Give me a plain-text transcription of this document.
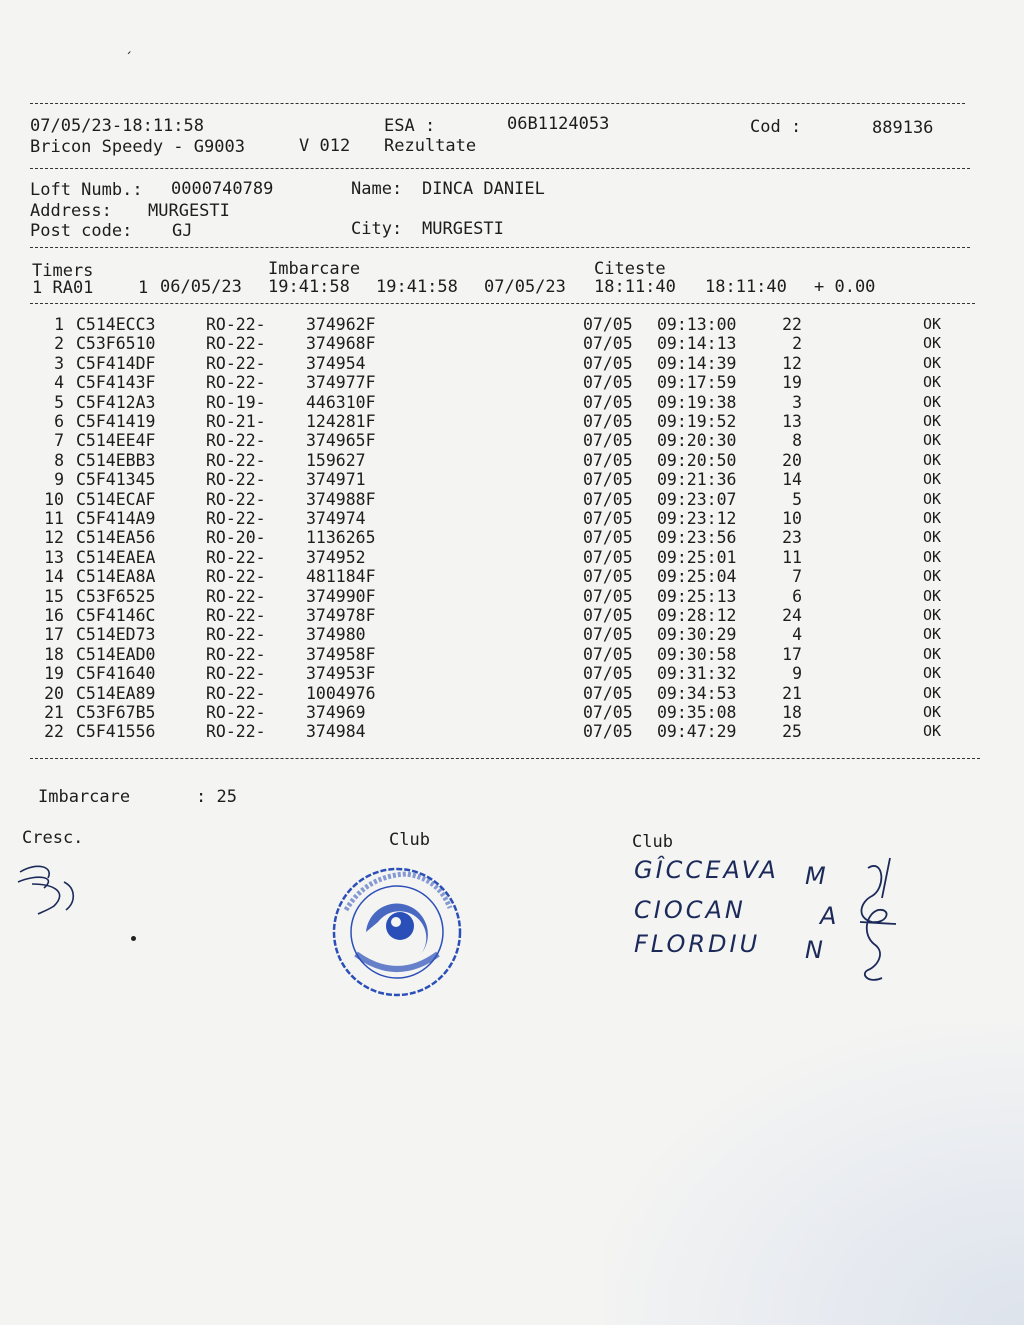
ˏ
07/05/23-18:11:58	ESA :	06B1124053	Cod :	889136
Bricon Speedy - G9003	V 012 Rezultate
Loft Numb.: 0000740789	Name: DINCA DANIEL
Address: MURGESTI
Post code: GJ	City: MURGESTI
Timers	Imbarcare	Citeste
1 RA01	1 06/05/23 19:41:58 19:41:58 07/05/23 18:11:40 18:11:40 + 0.00
1 C514ECC3	RO-22- 374962F	07/05 09:13:00	22	OK
2 C53F6510	RO-22- 374968F	07/05 09:14:13	2	OK
3 C5F414DF	RO-22- 374954	07/05 09:14:39	12	OK
4 C5F4143F	RO-22- 374977F	07/05 09:17:59	19	OK
5 C5F412A3	RO-19- 446310F	07/05 09:19:38	3	OK
6 C5F41419	RO-21- 124281F	07/05 09:19:52	13	OK
7 C514EE4F	RO-22- 374965F	07/05 09:20:30	8	OK
8 C514EBB3	RO-22- 159627	07/05 09:20:50	20	OK
9 C5F41345	RO-22- 374971	07/05 09:21:36	14	OK
10 C514ECAF	RO-22- 374988F	07/05 09:23:07	5	OK
11 C5F414A9	RO-22- 374974	07/05 09:23:12	10	OK
12 C514EA56	RO-20- 1136265	07/05 09:23:56	23	OK
13 C514EAEA	RO-22- 374952	07/05 09:25:01	11	OK
14 C514EA8A	RO-22- 481184F	07/05 09:25:04	7	OK
15 C53F6525	RO-22- 374990F	07/05 09:25:13	6	OK
16 C5F4146C	RO-22- 374978F	07/05 09:28:12	24	OK
17 C514ED73	RO-22- 374980	07/05 09:30:29	4	OK
18 C514EAD0	RO-22- 374958F	07/05 09:30:58	17	OK
19 C5F41640	RO-22- 374953F	07/05 09:31:32	9	OK
20 C514EA89	RO-22- 1004976	07/05 09:34:53	21	OK
21 C53F67B5	RO-22- 374969	07/05 09:35:08	18	OK
22 C5F41556	RO-22- 374984	07/05 09:47:29	25	OK
Imbarcare	: 25
Cresc.	Club	Club
GÎCCEAVA M
CIOCAN	A
FLORDIU N
